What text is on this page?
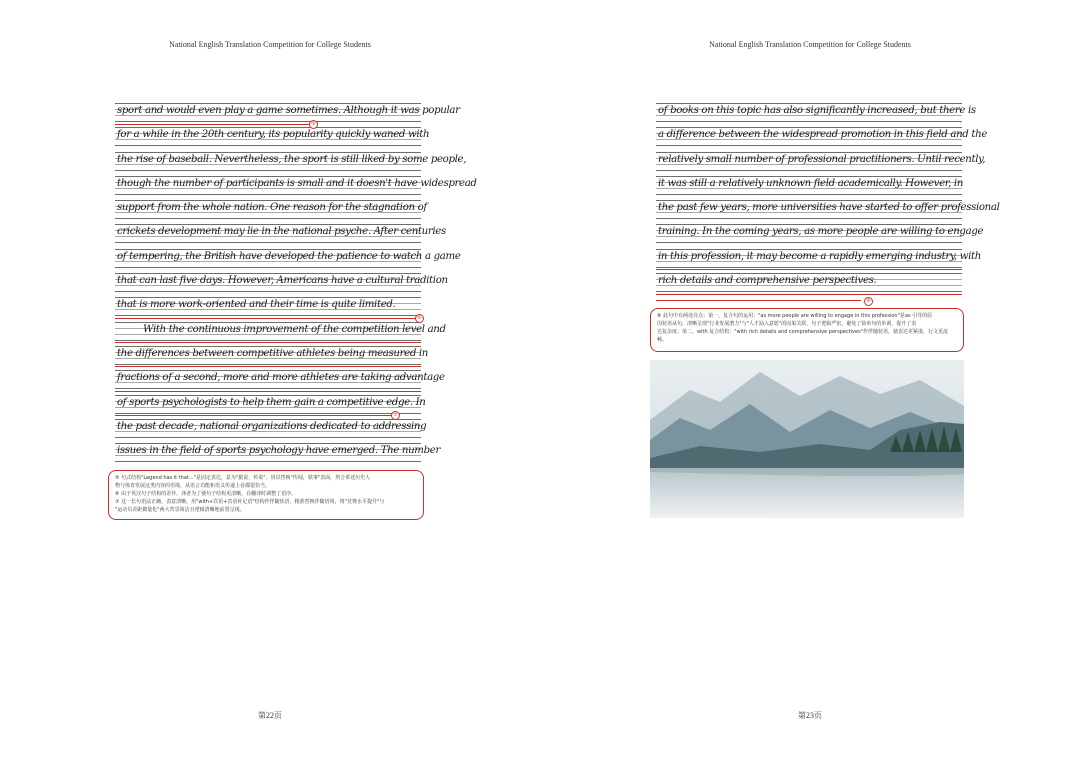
National English Translation Competition for College Students
sport and would even play a game sometimes. Although it was popular
for a while in the 20th century, its popularity quickly waned with
the rise of baseball. Nevertheless, the sport is still liked by some people,
though the number of participants is small and it doesn't have widespread
support from the whole nation. One reason for the stagnation of
crickets development may lie in the national psyche. After centuries
of tempering, the British have developed the patience to watch a game
that can last five days. However, Americans have a cultural tradition
that is more work-oriented and their time is quite limited.
With the continuous improvement of the competition level and
the differences between competitive athletes being measured in
fractions of a second, more and more athletes are taking advantage
of sports psychologists to help them gain a competitive edge. In
the past decade, national organizations dedicated to addressing
issues in the field of sports psychology have emerged. The number
⑤
⑥
⑦
⑤ 句式结构"Legend has it that..."是固定表达，意为"据说，传说"，用以替换"传闻，轶事"表面，契合讲述历史人
物与体育发展这类内容的语境，从语言功能和语义传递上看都很恰当。
⑥ 由于英汉句子结构的差异，译者为了使句子结构更清晰，在翻译时调整了语序。
⑦ 这一长句语法正确，表意清晰，用"with+宾语+宾语补足语"结构作伴随状语，精准替换伴随语境，将"竞赛水平提升"与
"运动员差距微量化"两大背景简洁且逻辑清晰地前置呈现。
第22页
National English Translation Competition for College Students
of books on this topic has also significantly increased, but there is
a difference between the widespread promotion in this field and the
relatively small number of professional practitioners. Until recently,
it was still a relatively unknown field academically. However, in
the past few years, more universities have started to offer professional
training. In the coming years, as more people are willing to engage
in this profession, it may become a rapidly emerging industry, with
rich details and comprehensive perspectives.
⑧
⑧ 此句中有两处亮点：第一，复合句的运用："as more people are willing to engage in this profession"是as 引导的原
因状语从句，清晰呈现"行业发展潜力"与"人才涌入意愿"的因果关联，句子逻辑严密，避免了简单句的单调，提升了表
达复杂度；第二，with 复合结构："with rich details and comprehensive perspectives"作伴随状语，使表达更紧凑，行文更流
畅。
第23页
